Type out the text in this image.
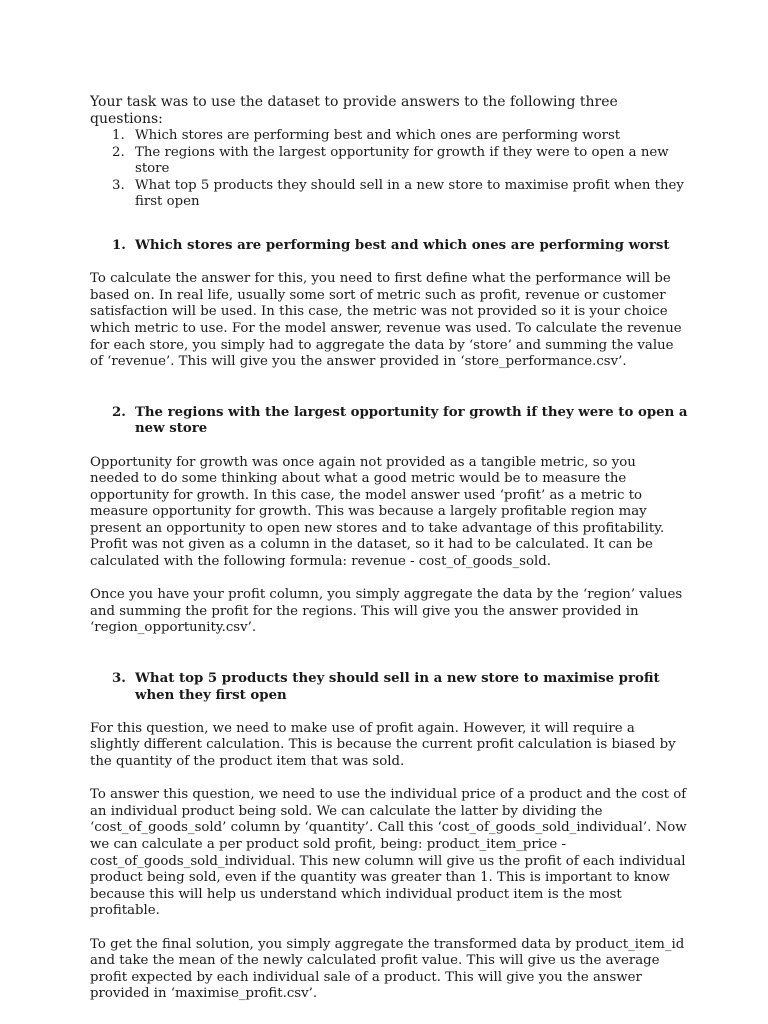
Your task was to use the dataset to provide answers to the following three questions:

1. Which stores are performing best and which ones are performing worst
2. The regions with the largest opportunity for growth if they were to open a new store
3. What top 5 products they should sell in a new store to maximise profit when they first open

1. Which stores are performing best and which ones are performing worst

To calculate the answer for this, you need to first define what the performance will be based on. In real life, usually some sort of metric such as profit, revenue or customer satisfaction will be used. In this case, the metric was not provided so it is your choice which metric to use. For the model answer, revenue was used. To calculate the revenue for each store, you simply had to aggregate the data by ‘store’ and summing the value of ‘revenue’. This will give you the answer provided in ‘store_performance.csv’.

2. The regions with the largest opportunity for growth if they were to open a new store

Opportunity for growth was once again not provided as a tangible metric, so you needed to do some thinking about what a good metric would be to measure the opportunity for growth. In this case, the model answer used ‘profit’ as a metric to measure opportunity for growth. This was because a largely profitable region may present an opportunity to open new stores and to take advantage of this profitability. Profit was not given as a column in the dataset, so it had to be calculated. It can be calculated with the following formula: revenue - cost_of_goods_sold.

Once you have your profit column, you simply aggregate the data by the ‘region’ values and summing the profit for the regions. This will give you the answer provided in ‘region_opportunity.csv’.

3. What top 5 products they should sell in a new store to maximise profit when they first open

For this question, we need to make use of profit again. However, it will require a slightly different calculation. This is because the current profit calculation is biased by the quantity of the product item that was sold.

To answer this question, we need to use the individual price of a product and the cost of an individual product being sold. We can calculate the latter by dividing the ‘cost_of_goods_sold’ column by ‘quantity’. Call this ‘cost_of_goods_sold_individual’. Now we can calculate a per product sold profit, being: product_item_price - cost_of_goods_sold_individual. This new column will give us the profit of each individual product being sold, even if the quantity was greater than 1. This is important to know because this will help us understand which individual product item is the most profitable.

To get the final solution, you simply aggregate the transformed data by product_item_id and take the mean of the newly calculated profit value. This will give us the average profit expected by each individual sale of a product. This will give you the answer provided in ‘maximise_profit.csv’.
